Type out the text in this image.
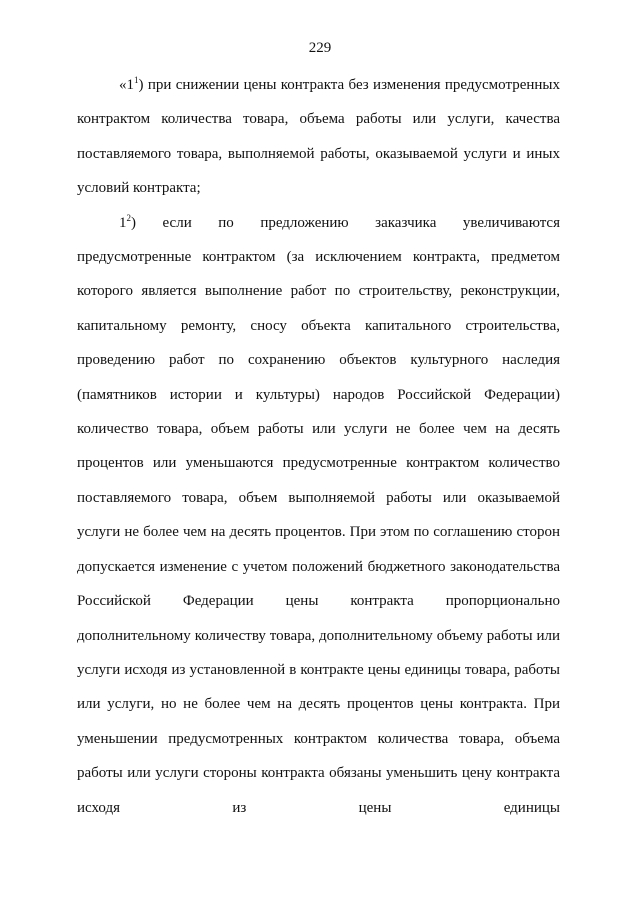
229

«$1^1$) при снижении цены контракта без изменения предусмотренных контрактом количества товара, объема работы или услуги, качества поставляемого товара, выполняемой работы, оказываемой услуги и иных условий контракта;

$1^2$) если по предложению заказчика увеличиваются предусмотренные контрактом (за исключением контракта, предметом которого является выполнение работ по строительству, реконструкции, капитальному ремонту, сносу объекта капитального строительства, проведению работ по сохранению объектов культурного наследия (памятников истории и культуры) народов Российской Федерации) количество товара, объем работы или услуги не более чем на десять процентов или уменьшаются предусмотренные контрактом количество поставляемого товара, объем выполняемой работы или оказываемой услуги не более чем на десять процентов. При этом по соглашению сторон допускается изменение с учетом положений бюджетного законодательства Российской Федерации цены контракта пропорционально дополнительному количеству товара, дополнительному объему работы или услуги исходя из установленной в контракте цены единицы товара, работы или услуги, но не более чем на десять процентов цены контракта. При уменьшении предусмотренных контрактом количества товара, объема работы или услуги стороны контракта обязаны уменьшить цену контракта исходя из цены единицы
